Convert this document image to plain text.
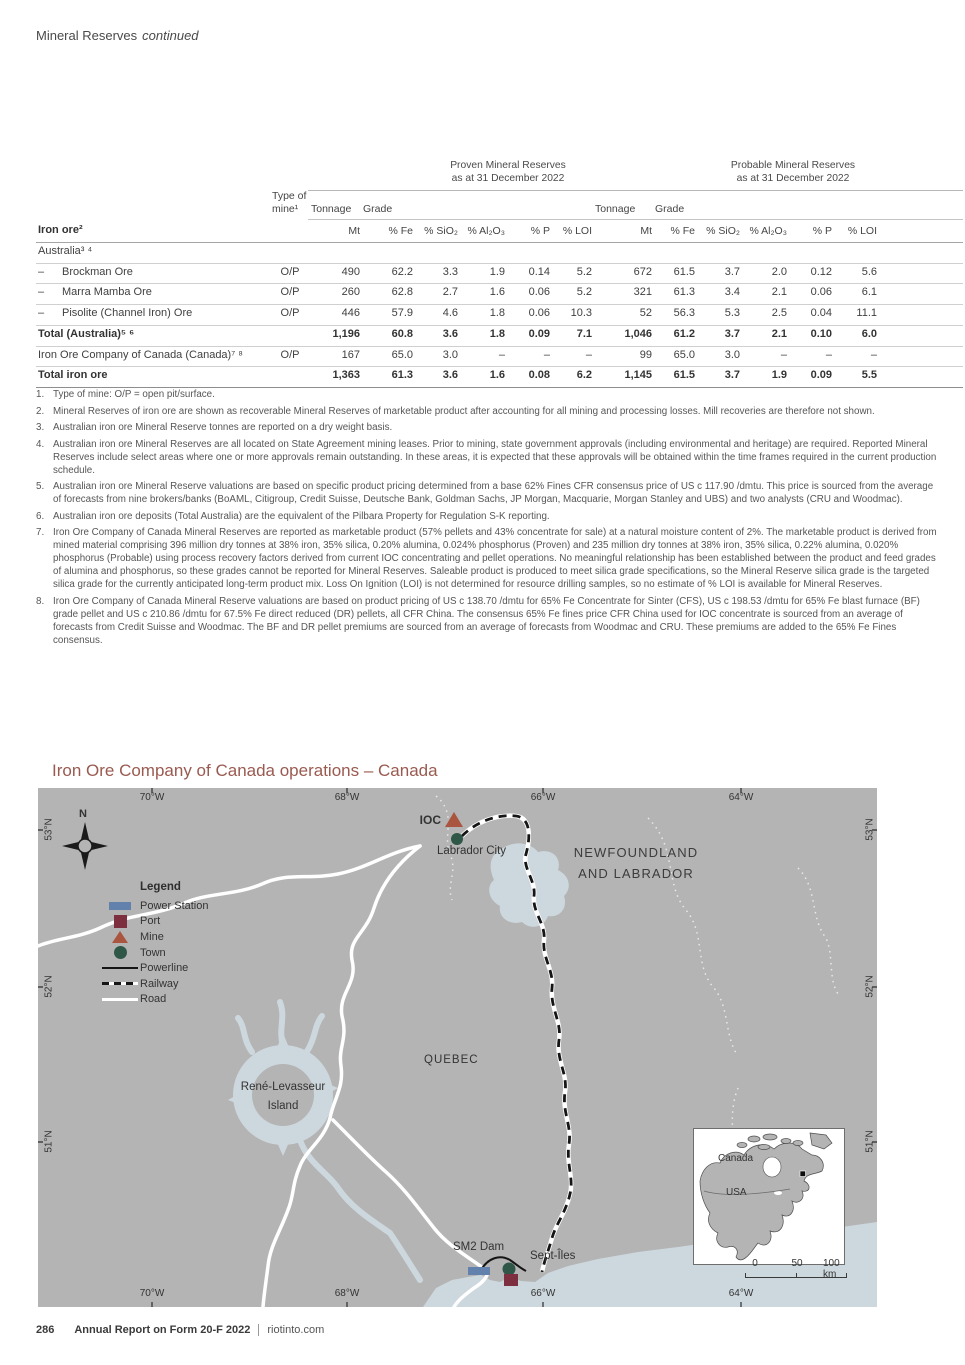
Mineral Reserves continued

Proven Mineral Reserves
as at 31 December 2022

Probable Mineral Reserves
as at 31 December 2022

	Type of mine¹	Tonnage	Grade					Tonnage	Grade					
Iron ore²		Mt	% Fe	% SiO₂	% Al₂O₃	% P	% LOI	Mt	% Fe	% SiO₂	% Al₂O₃	% P	% LOI	
Australia³ ⁴														
– Brockman Ore	O/P	490	62.2	3.3	1.9	0.14	5.2	672	61.5	3.7	2.0	0.12	5.6	
– Marra Mamba Ore	O/P	260	62.8	2.7	1.6	0.06	5.2	321	61.3	3.4	2.1	0.06	6.1	
– Pisolite (Channel Iron) Ore	O/P	446	57.9	4.6	1.8	0.06	10.3	52	56.3	5.3	2.5	0.04	11.1	
Total (Australia)⁵ ⁶		1,196	60.8	3.6	1.8	0.09	7.1	1,046	61.2	3.7	2.1	0.10	6.0	
Iron Ore Company of Canada (Canada)⁷ ⁸	O/P	167	65.0	3.0	–	–	–	99	65.0	3.0	–	–	–	
Total iron ore		1,363	61.3	3.6	1.6	0.08	6.2	1,145	61.5	3.7	1.9	0.09	5.5	
1. Type of mine: O/P = open pit/surface.
2. Mineral Reserves of iron ore are shown as recoverable Mineral Reserves of marketable product after accounting for all mining and processing losses. Mill recoveries are therefore not shown.
3. Australian iron ore Mineral Reserve tonnes are reported on a dry weight basis.
4. Australian iron ore Mineral Reserves are all located on State Agreement mining leases. Prior to mining, state government approvals (including environmental and heritage) are required. Reported Mineral Reserves include select areas where one or more approvals remain outstanding. In these areas, it is expected that these approvals will be obtained within the time frames required in the current production schedule.
5. Australian iron ore Mineral Reserve valuations are based on specific product pricing determined from a base 62% Fines CFR consensus price of US c 117.90 /dmtu. This price is sourced from the average of forecasts from nine brokers/banks (BoAML, Citigroup, Credit Suisse, Deutsche Bank, Goldman Sachs, JP Morgan, Macquarie, Morgan Stanley and UBS) and two analysts (CRU and Woodmac).
6. Australian iron ore deposits (Total Australia) are the equivalent of the Pilbara Property for Regulation S-K reporting.
7. Iron Ore Company of Canada Mineral Reserves are reported as marketable product (57% pellets and 43% concentrate for sale) at a natural moisture content of 2%. The marketable product is derived from mined material comprising 396 million dry tonnes at 38% iron, 35% silica, 0.20% alumina, 0.024% phosphorus (Proven) and 235 million dry tonnes at 38% iron, 35% silica, 0.22% alumina, 0.020% phosphorus (Probable) using process recovery factors derived from current IOC concentrating and pellet operations. No meaningful relationship has been established between the product and feed grades of alumina and phosphorus, so these grades cannot be reported for Mineral Reserves. Saleable product is produced to meet silica grade specifications, so the Mineral Reserve silica grade is the targeted silica grade for the currently anticipated long-term product mix. Loss On Ignition (LOI) is not determined for resource drilling samples, so no estimate of % LOI is available for Mineral Reserves.
8. Iron Ore Company of Canada Mineral Reserve valuations are based on product pricing of US c 138.70 /dmtu for 65% Fe Concentrate for Sinter (CFS), US c 198.53 /dmtu for 65% Fe blast furnace (BF) grade pellet and US c 210.86 /dmtu for 67.5% Fe direct reduced (DR) pellets, all CFR China. The consensus 65% Fe fines price CFR China used for IOC concentrate is sourced from an average of forecasts from Credit Suisse and Woodmac. The BF and DR pellet premiums are sourced from an average of forecasts from Woodmac and CRU. These premiums are added to the 65% Fe Fines consensus.
Iron Ore Company of Canada operations – Canada
N
70°W	68°W	66°W	64°W
70°W	68°W	66°W	64°W
53°N
52°N
51°N
53°N
52°N
51°N
Legend
Power Station
Port
Mine
Town
Powerline
Railway
Road
IOC
Labrador City	NEWFOUNDLAND
AND LABRADOR
QUEBEC
René-Levasseur
Island
SM2 Dam
Sept-Îles
Canada
USA
0	50 100 km
286 Annual Report on Form 20-F 2022 riotinto.com
